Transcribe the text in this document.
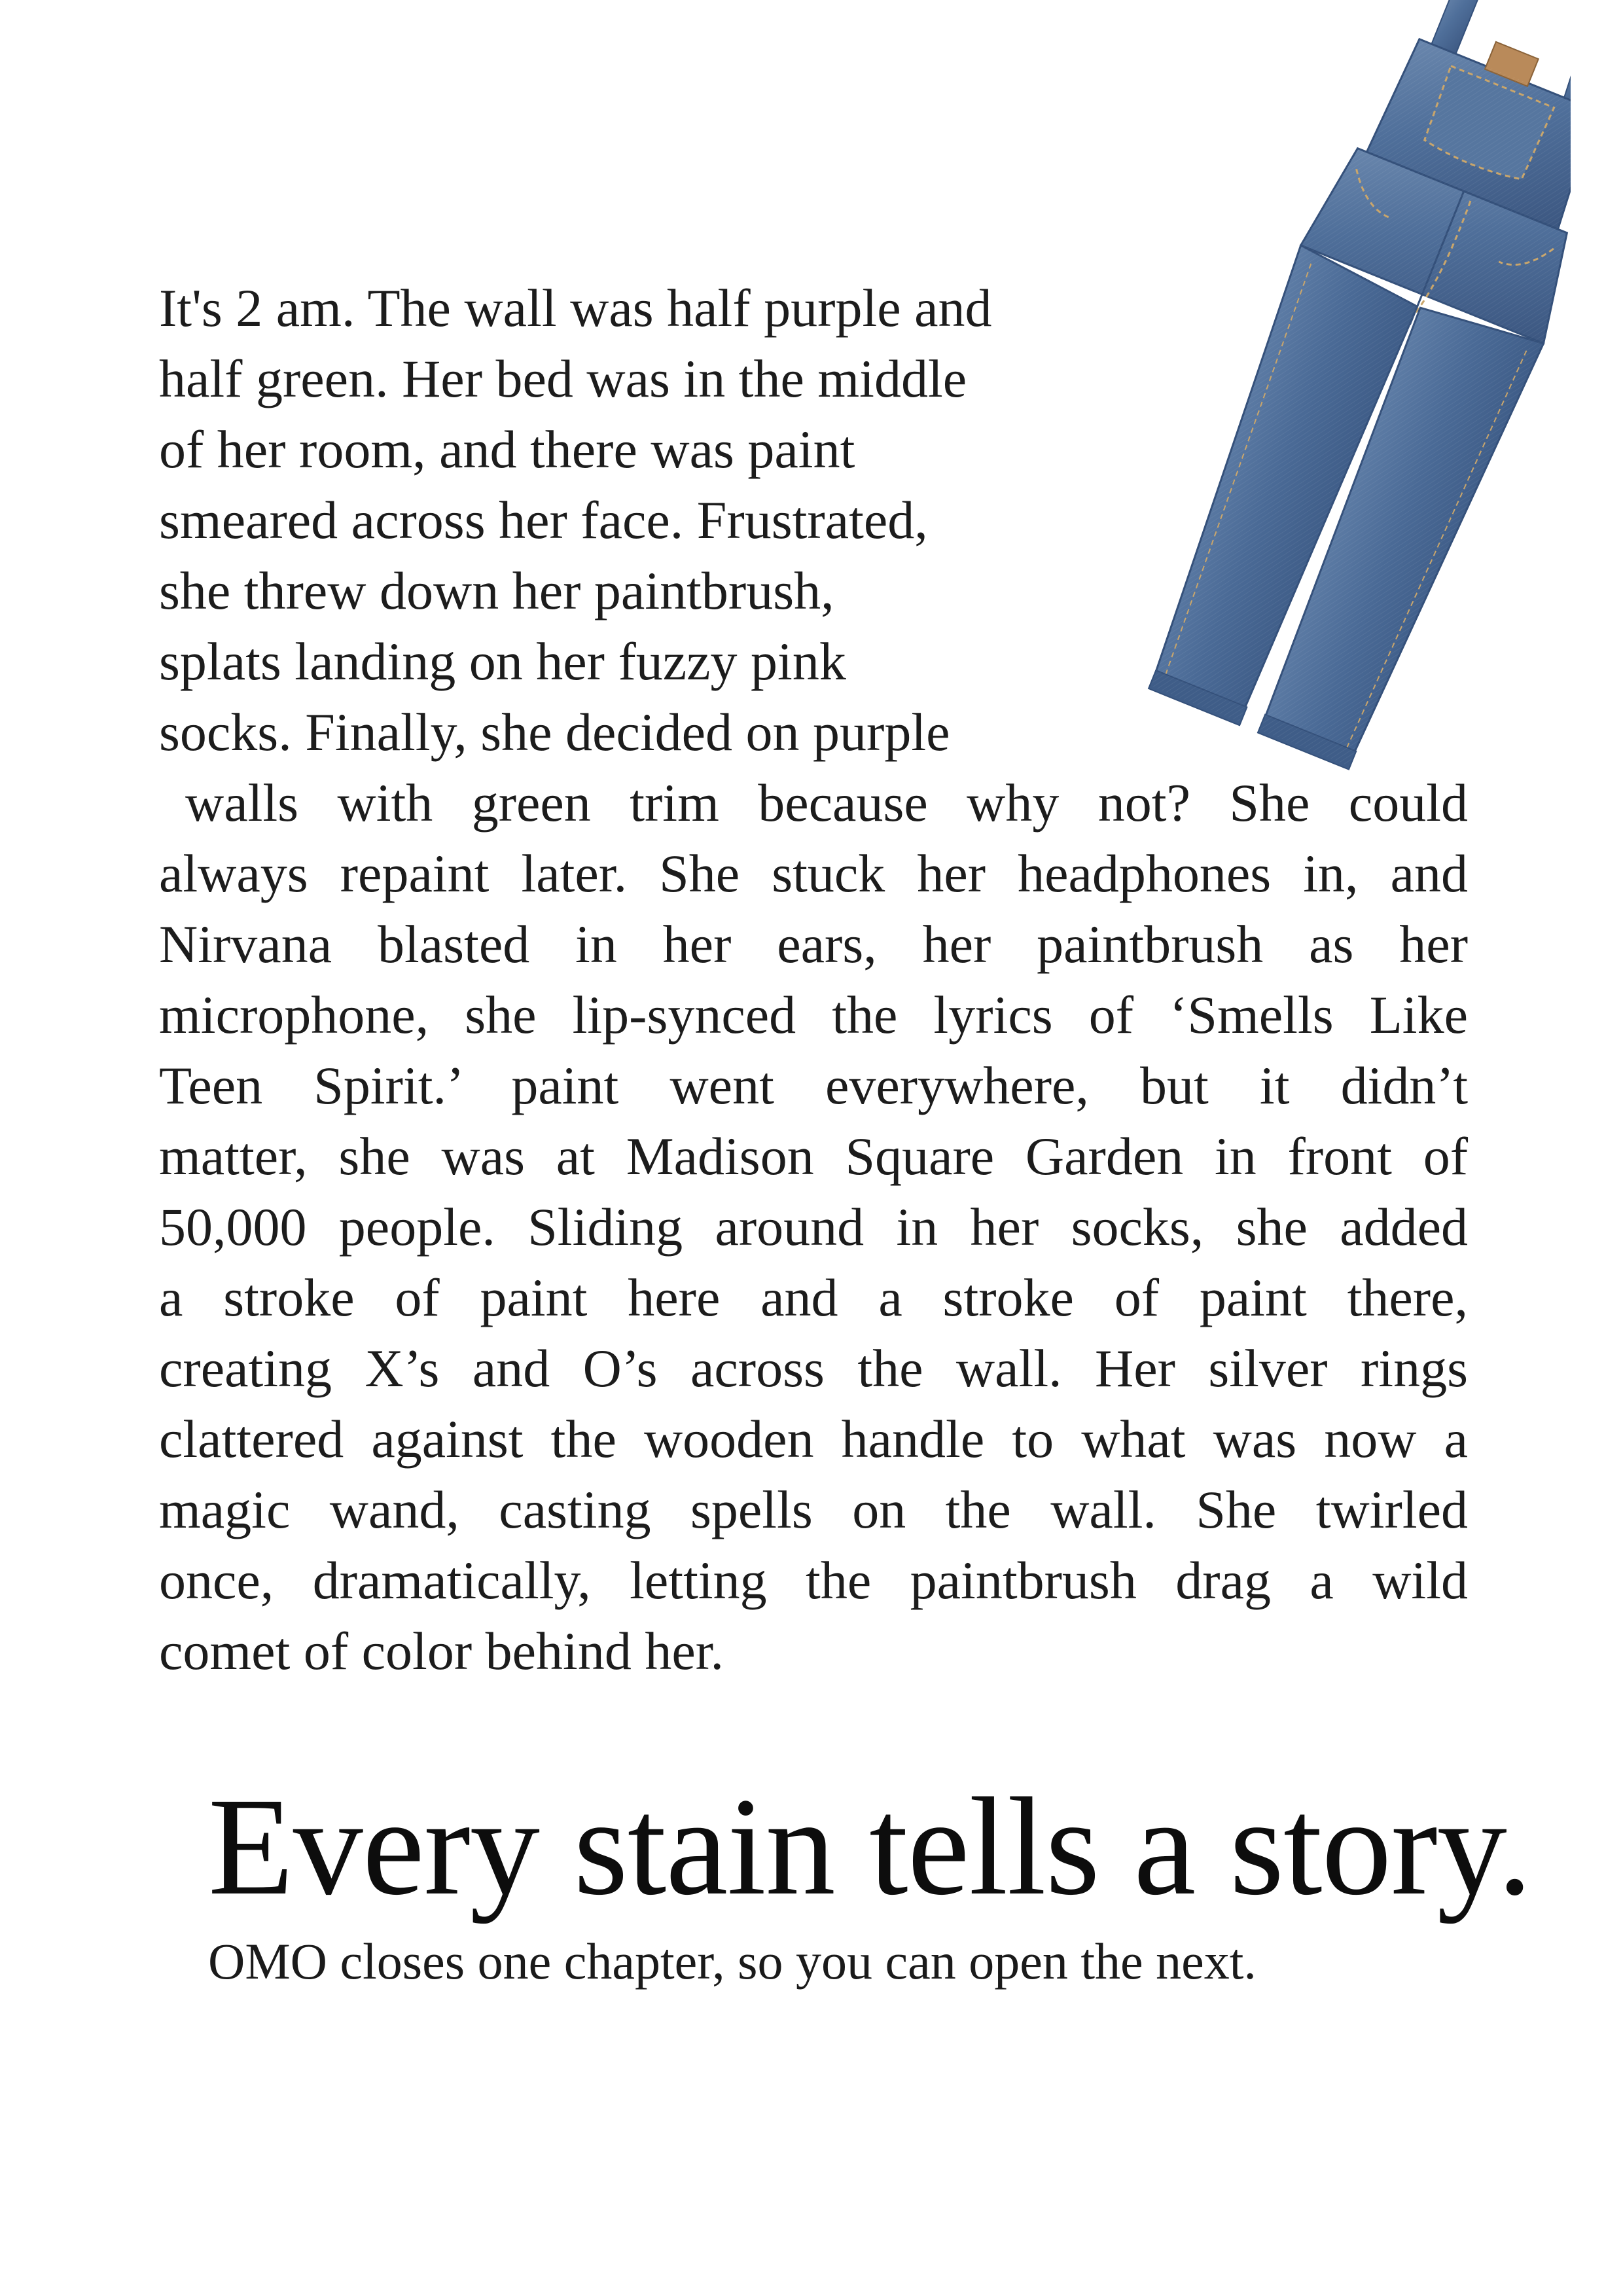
It's 2 am. The wall was half purple and
half green. Her bed was in the middle
of her room, and there was paint
smeared across her face. Frustrated,
she threw down her paintbrush,
splats landing on her fuzzy pink
socks. Finally, she decided on purple
walls with green trim because why not? She could
always repaint later. She stuck her headphones in, and
Nirvana blasted in her ears, her paintbrush as her
microphone, she lip-synced the lyrics of ‘Smells Like
Teen Spirit.’ paint went everywhere, but it didn’t
matter, she was at Madison Square Garden in front of
50,000 people. Sliding around in her socks, she added
a stroke of paint here and a stroke of paint there,
creating X’s and O’s across the wall. Her silver rings
clattered against the wooden handle to what was now a
magic wand, casting spells on the wall. She twirled
once, dramatically, letting the paintbrush drag a wild
comet of color behind her.
Every stain tells a story.
OMO closes one chapter, so you can open the next.
